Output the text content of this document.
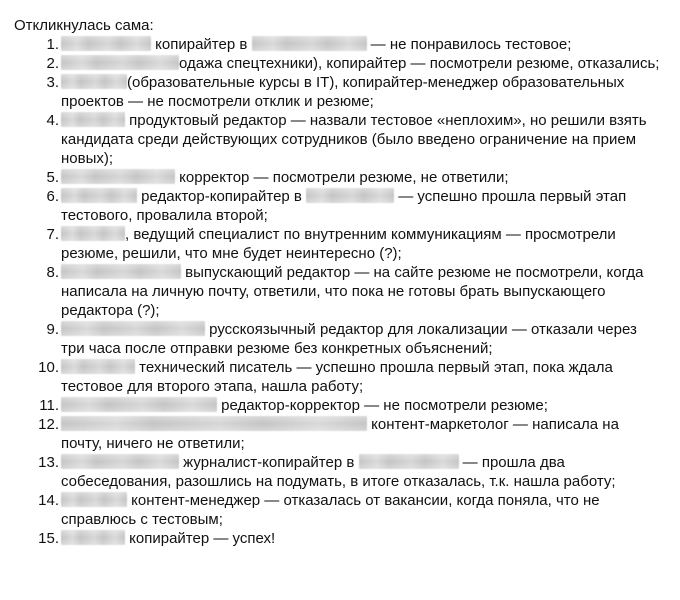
Откликнулась сама:
1.	копирайтер в	— не понравилось тестовое;
2.	одажа спецтехники), копирайтер — посмотрели резюме, отказались;
3.	(образовательные курсы в IT), копирайтер-менеджер образовательных проектов — не посмотрели отклик и резюме;
4.	продуктовый редактор — назвали тестовое «неплохим», но решили взять кандидата среди действующих сотрудников (было введено ограничение на прием новых);
5.	корректор — посмотрели резюме, не ответили;
6.	редактор-копирайтер в	— успешно прошла первый этап тестового, провалила второй;
7.	, ведущий специалист по внутренним коммуникациям — просмотрели резюме, решили, что мне будет неинтересно (?);
8.	выпускающий редактор — на сайте резюме не посмотрели, когда написала на личную почту, ответили, что пока не готовы брать выпускающего редактора (?);
9.	русскоязычный редактор для локализации — отказали через три часа после отправки резюме без конкретных объяснений;
10.	технический писатель — успешно прошла первый этап, пока ждала тестовое для второго этапа, нашла работу;
11.	редактор-корректор — не посмотрели резюме;
12.	контент-маркетолог — написала на почту, ничего не ответили;
13.	журналист-копирайтер в	— прошла два собеседования, разошлись на подумать, в итоге отказалась, т.к. нашла работу;
14.	контент-менеджер — отказалась от вакансии, когда поняла, что не справлюсь с тестовым;
15.	копирайтер — успех!
